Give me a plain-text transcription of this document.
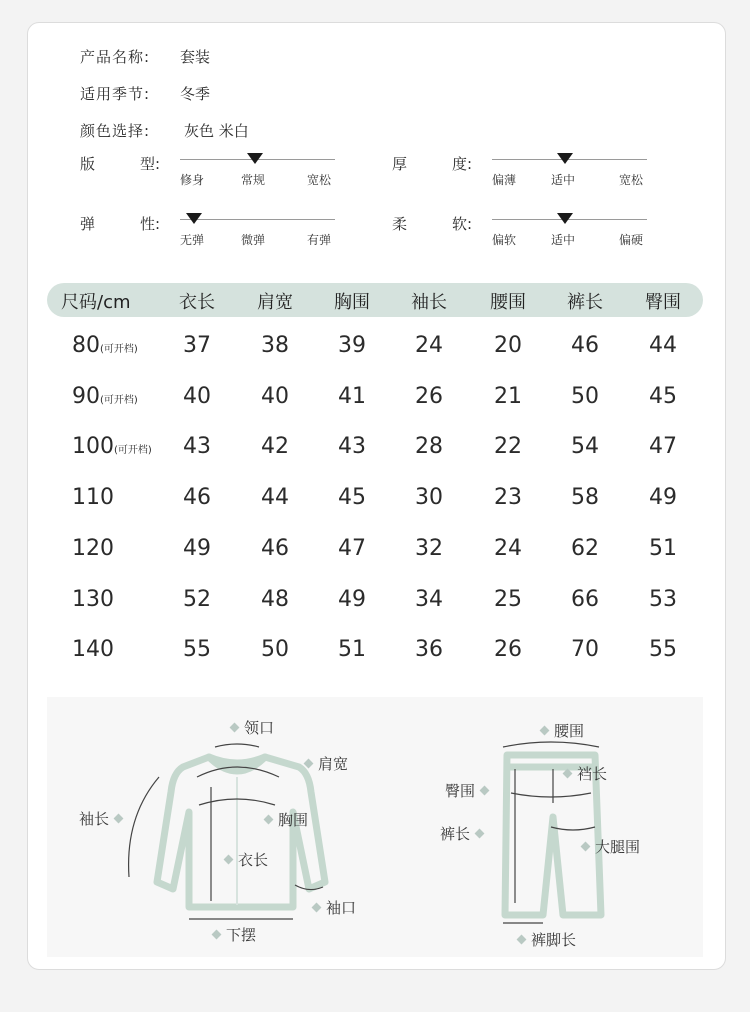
产品名称:	套装
适用季节:	冬季
颜色选择:	灰色 米白
版	型:
修身	常规	宽松
厚	度:
偏薄	适中	宽松
弹	性:
无弹	微弹	有弹
柔	软:
偏软	适中	偏硬
尺码/cm	衣长	肩宽	胸围	袖长	腰围	裤长	臀围
80(可开档)	37	38	39	24	20	46	44
90(可开档)	40	40	41	26	21	50	45
100(可开档)	43	42	43	28	22	54	47
110	46	44	45	30	23	58	49
120	49	46	47	32	24	62	51
130	52	48	49	34	25	66	53
140	55	50	51	36	26	70	55
领口
肩宽
袖长	胸围
衣长
袖口
下摆
腰围
臀围
裆长
裤长
大腿围
裤脚长
